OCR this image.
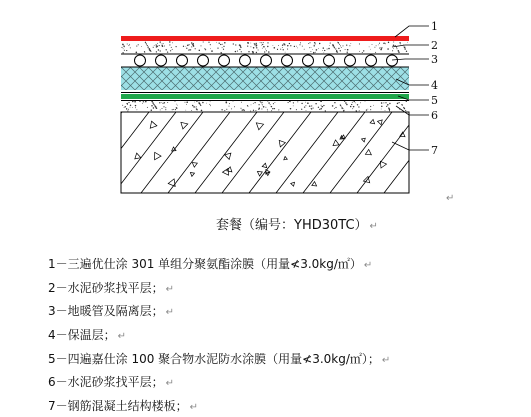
1
2
3
4
5
6
7
↵
套餐（编号：YHD30TC） ↵
1－三遍优仕涂 301 单组分聚氨酯涂膜（用量≮3.0kg/㎡） ↵
2－水泥砂浆找平层； ↵
3－地暖管及隔离层； ↵
4－保温层； ↵
5－四遍嘉仕涂 100 聚合物水泥防水涂膜（用量≮3.0kg/㎡）； ↵
6－水泥砂浆找平层； ↵
7－钢筋混凝土结构楼板； ↵
